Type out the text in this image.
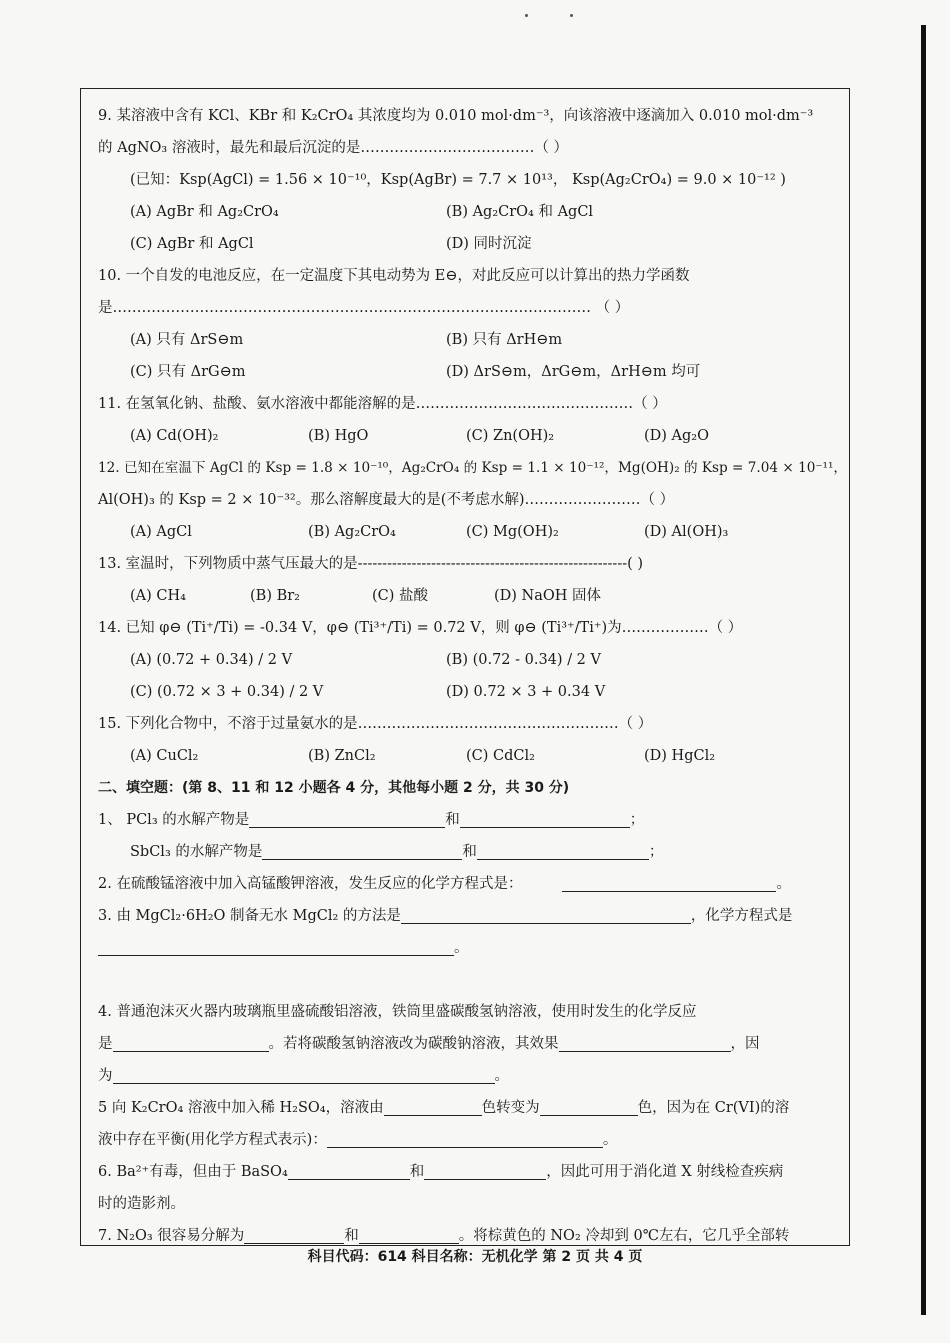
9. 某溶液中含有 KCl、KBr 和 K₂CrO₄ 其浓度均为 0.010 mol·dm⁻³，向该溶液中逐滴加入 0.010 mol·dm⁻³
的 AgNO₃ 溶液时，最先和最后沉淀的是………………………………（ ）
(已知：Ksp(AgCl) = 1.56 × 10⁻¹⁰，Ksp(AgBr) = 7.7 × 10¹³， Ksp(Ag₂CrO₄) = 9.0 × 10⁻¹² )
(A) AgBr 和 Ag₂CrO₄	(B) Ag₂CrO₄ 和 AgCl
(C) AgBr 和 AgCl	(D) 同时沉淀
10. 一个自发的电池反应，在一定温度下其电动势为 E⊖，对此反应可以计算出的热力学函数
是……………………………………………………………………………………… （ ）
(A) 只有 ΔrS⊖m	(B) 只有 ΔrH⊖m
(C) 只有 ΔrG⊖m	(D) ΔrS⊖m，ΔrG⊖m，ΔrH⊖m 均可
11. 在氢氧化钠、盐酸、氨水溶液中都能溶解的是………………………………………（ ）
(A) Cd(OH)₂	(B) HgO	(C) Zn(OH)₂	(D) Ag₂O
12. 已知在室温下 AgCl 的 Ksp = 1.8 × 10⁻¹⁰，Ag₂CrO₄ 的 Ksp = 1.1 × 10⁻¹²，Mg(OH)₂ 的 Ksp = 7.04 × 10⁻¹¹，
Al(OH)₃ 的 Ksp = 2 × 10⁻³²。那么溶解度最大的是(不考虑水解)……………………（ ）
(A) AgCl	(B) Ag₂CrO₄	(C) Mg(OH)₂	(D) Al(OH)₃
13. 室温时，下列物质中蒸气压最大的是-------------------------------------------------------( )
(A) CH₄	(B) Br₂	(C) 盐酸	(D) NaOH 固体
14. 已知 φ⊖ (Ti⁺/Ti) = -0.34 V，φ⊖ (Ti³⁺/Ti) = 0.72 V，则 φ⊖ (Ti³⁺/Ti⁺)为………………（ ）
(A) (0.72 + 0.34) / 2 V	(B) (0.72 - 0.34) / 2 V
(C) (0.72 × 3 + 0.34) / 2 V	(D) 0.72 × 3 + 0.34 V
15. 下列化合物中，不溶于过量氨水的是………………………………………………（ ）
(A) CuCl₂	(B) ZnCl₂	(C) CdCl₂	(D) HgCl₂
二、填空题：(第 8、11 和 12 小题各 4 分，其他每小题 2 分，共 30 分)
1、 PCl₃ 的水解产物是	和	；
SbCl₃ 的水解产物是	和	；
2. 在硫酸锰溶液中加入高锰酸钾溶液，发生反应的化学方程式是：	。
3. 由 MgCl₂·6H₂O 制备无水 MgCl₂ 的方法是	，化学方程式是
。
4. 普通泡沫灭火器内玻璃瓶里盛硫酸铝溶液，铁筒里盛碳酸氢钠溶液，使用时发生的化学反应
是	。若将碳酸氢钠溶液改为碳酸钠溶液，其效果	，因
为	。
5 向 K₂CrO₄ 溶液中加入稀 H₂SO₄，溶液由	色转变为	色，因为在 Cr(VI)的溶
液中存在平衡(用化学方程式表示)：	。
6. Ba²⁺有毒，但由于 BaSO₄	和	，因此可用于消化道 X 射线检查疾病
时的造影剂。
7. N₂O₃ 很容易分解为	和	。将棕黄色的 NO₂ 冷却到 0℃左右，它几乎全部转
科目代码：614 科目名称：无机化学 第 2 页 共 4 页
